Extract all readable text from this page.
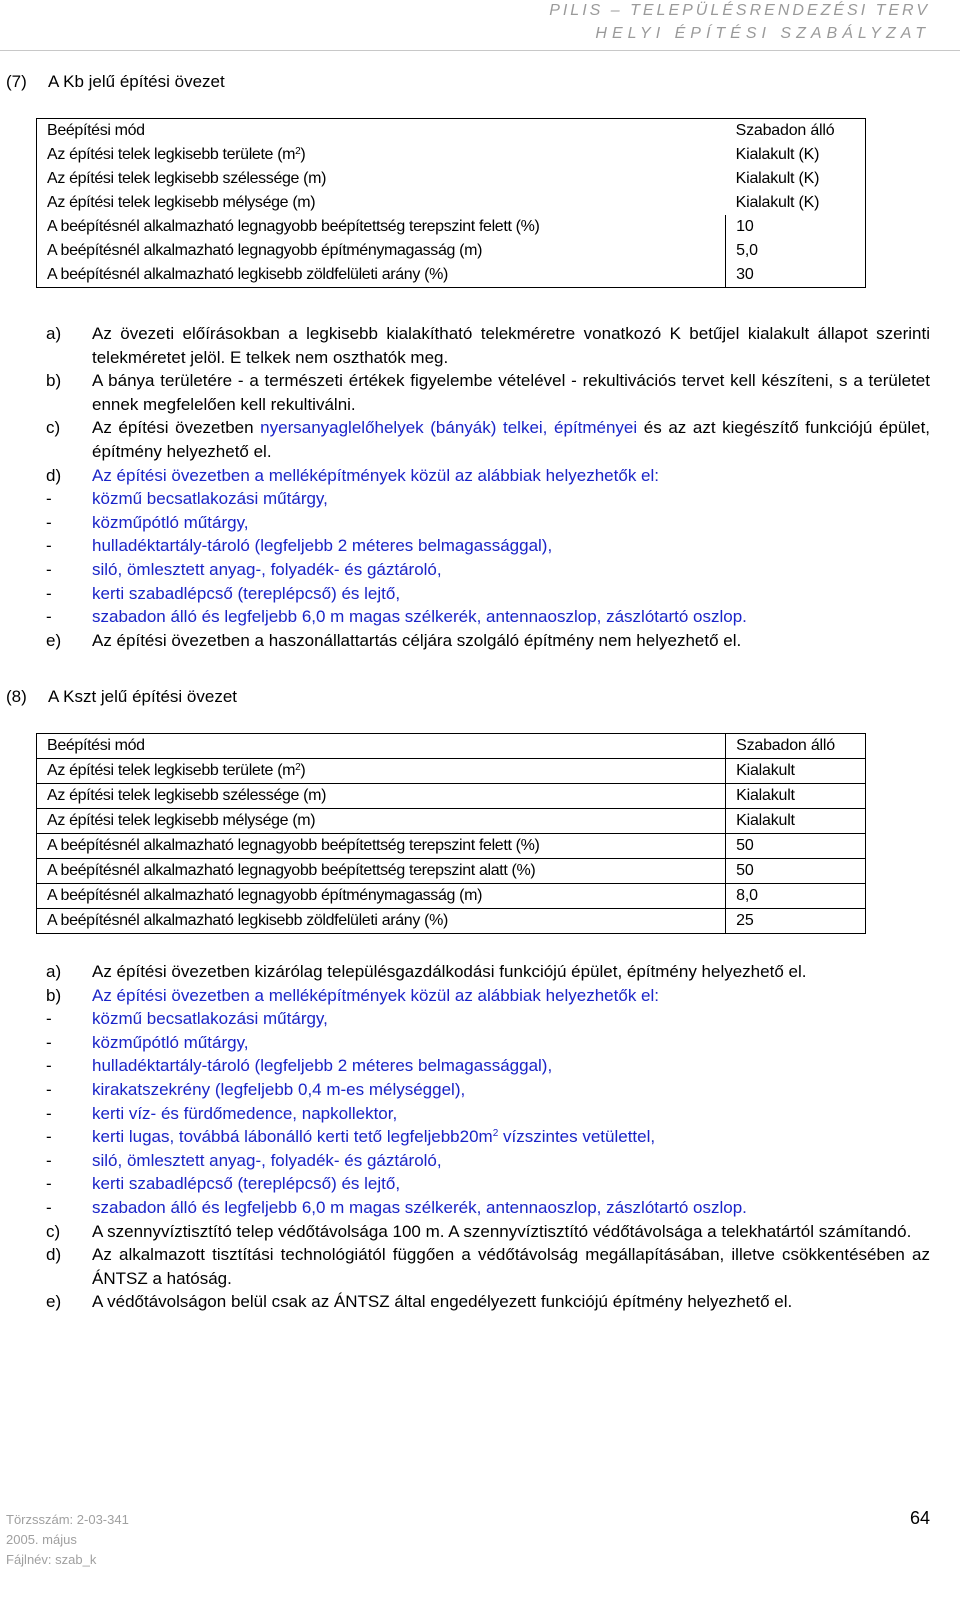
PILIS – TELEPÜLÉSRENDEZÉSI TERV
HELYI ÉPÍTÉSI SZABÁLYZAT
(7) A Kb jelű építési övezet
Beépítési mód	Szabadon álló
Az építési telek legkisebb területe $(m^2)$	Kialakult (K)
Az építési telek legkisebb szélessége (m)	Kialakult (K)
Az építési telek legkisebb mélysége (m)	Kialakult (K)
A beépítésnél alkalmazható legnagyobb beépítettség terepszint felett (%)	10
A beépítésnél alkalmazható legnagyobb építménymagasság (m)	5,0
A beépítésnél alkalmazható legkisebb zöldfelületi arány (%)	30
a) Az övezeti előírásokban a legkisebb kialakítható telekméretre vonatkozó K betűjel kialakult állapot szerinti telekméretet jelöl. E telkek nem oszthatók meg.
b) A bánya területére - a természeti értékek figyelembe vételével - rekultivációs tervet kell készíteni, s a területet ennek megfelelően kell rekultiválni.
c) Az építési övezetben nyersanyaglelőhelyek (bányák) telkei, építményei és az azt kiegészítő funkciójú épület, építmény helyezhető el.
d) Az építési övezetben a melléképítmények közül az alábbiak helyezhetők el:
- közmű becsatlakozási műtárgy,
- közműpótló műtárgy,
- hulladéktartály-tároló (legfeljebb 2 méteres belmagassággal),
- siló, ömlesztett anyag-, folyadék- és gáztároló,
- kerti szabadlépcső (tereplépcső) és lejtő,
- szabadon álló és legfeljebb 6,0 m magas szélkerék, antennaoszlop, zászlótartó oszlop.
e) Az építési övezetben a haszonállattartás céljára szolgáló építmény nem helyezhető el.
(8) A Kszt jelű építési övezet
Beépítési mód	Szabadon álló
Az építési telek legkisebb területe $(m^2)$	Kialakult
Az építési telek legkisebb szélessége (m)	Kialakult
Az építési telek legkisebb mélysége (m)	Kialakult
A beépítésnél alkalmazható legnagyobb beépítettség terepszint felett (%)	50
A beépítésnél alkalmazható legnagyobb beépítettség terepszint alatt (%)	50
A beépítésnél alkalmazható legnagyobb építménymagasság (m)	8,0
A beépítésnél alkalmazható legkisebb zöldfelületi arány (%)	25
a) Az építési övezetben kizárólag településgazdálkodási funkciójú épület, építmény helyezhető el.
b) Az építési övezetben a melléképítmények közül az alábbiak helyezhetők el:
- közmű becsatlakozási műtárgy,
- közműpótló műtárgy,
- hulladéktartály-tároló (legfeljebb 2 méteres belmagassággal),
- kirakatszekrény (legfeljebb 0,4 m-es mélységgel),
- kerti víz- és fürdőmedence, napkollektor,
- kerti lugas, továbbá lábonálló kerti tető $legfeljebb20m^2$ vízszintes vetülettel,
- siló, ömlesztett anyag-, folyadék- és gáztároló,
- kerti szabadlépcső (tereplépcső) és lejtő,
- szabadon álló és legfeljebb 6,0 m magas szélkerék, antennaoszlop, zászlótartó oszlop.
c) A szennyvíztisztító telep védőtávolsága 100 m. A szennyvíztisztító védőtávolsága a telekhatártól számítandó.
d) Az alkalmazott tisztítási technológiától függően a védőtávolság megállapításában, illetve csökkentésében az ÁNTSZ a hatóság.
e) A védőtávolságon belül csak az ÁNTSZ által engedélyezett funkciójú építmény helyezhető el.
Törzsszám: 2-03-341
2005. május
Fájlnév: szab_k
64
